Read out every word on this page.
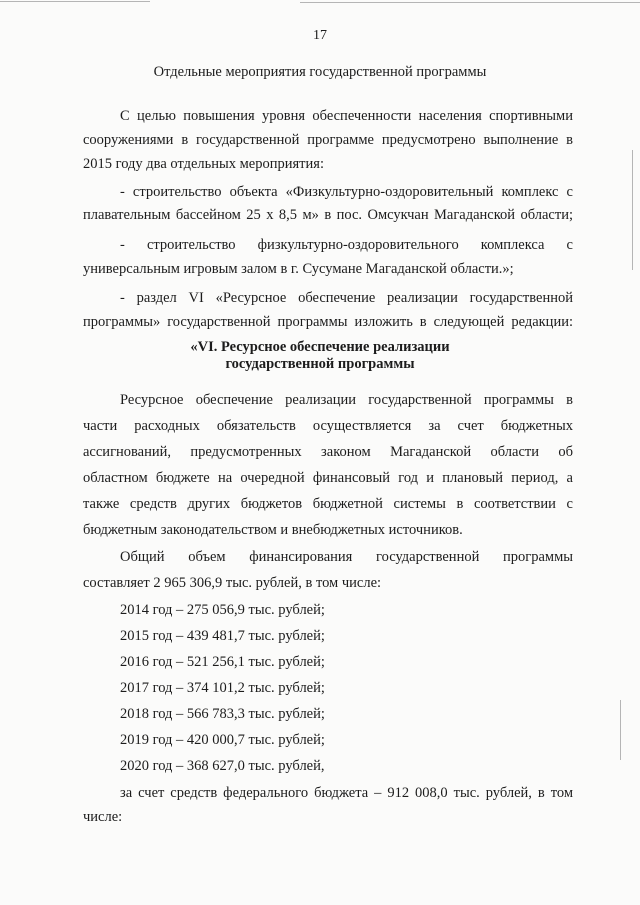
17
Отдельные мероприятия государственной программы
С целью повышения уровня обеспеченности населения спортивными
сооружениями в государственной программе предусмотрено выполнение в
2015 году два отдельных мероприятия:
- строительство объекта «Физкультурно-оздоровительный комплекс с
плавательным бассейном 25 х 8,5 м» в пос. Омсукчан Магаданской области;
- строительство физкультурно-оздоровительного комплекса с
универсальным игровым залом в г. Сусумане Магаданской области.»;
- раздел VI «Ресурсное обеспечение реализации государственной
программы» государственной программы изложить в следующей редакции:
«VI. Ресурсное обеспечение реализации
государственной программы
Ресурсное обеспечение реализации государственной программы в
части расходных обязательств осуществляется за счет бюджетных
ассигнований, предусмотренных законом Магаданской области об
областном бюджете на очередной финансовый год и плановый период, а
также средств других бюджетов бюджетной системы в соответствии с
бюджетным законодательством и внебюджетных источников.
Общий объем финансирования государственной программы
составляет 2 965 306,9 тыс. рублей, в том числе:
2014 год – 275 056,9 тыс. рублей;
2015 год – 439 481,7 тыс. рублей;
2016 год – 521 256,1 тыс. рублей;
2017 год – 374 101,2 тыс. рублей;
2018 год – 566 783,3 тыс. рублей;
2019 год – 420 000,7 тыс. рублей;
2020 год – 368 627,0 тыс. рублей,
за счет средств федерального бюджета – 912 008,0 тыс. рублей, в том
числе:
